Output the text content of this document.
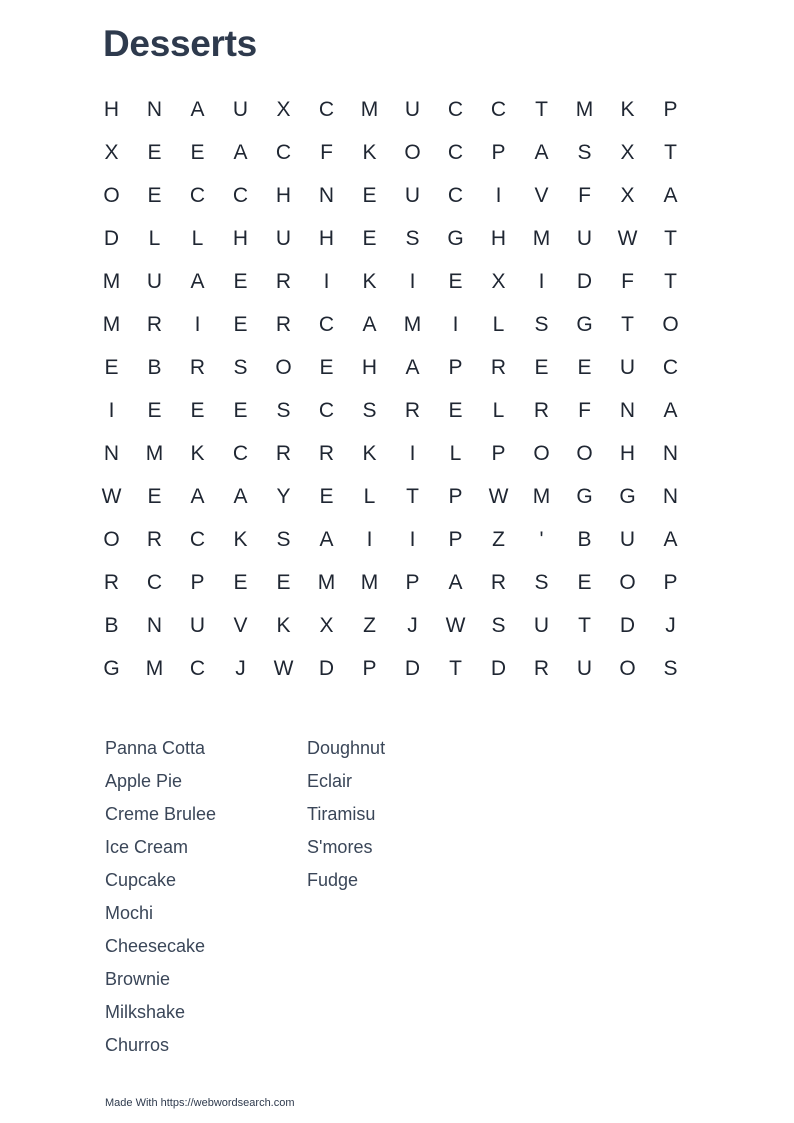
Desserts
H	N	A	U	X	C	M	U	C	C	T	M	K	P
X	E	E	A	C	F	K	O	C	P	A	S	X	T
O	E	C	C	H	N	E	U	C	I	V	F	X	A
D	L	L	H	U	H	E	S	G	H	M	U	W	T
M	U	A	E	R	I	K	I	E	X	I	D	F	T
M	R	I	E	R	C	A	M	I	L	S	G	T	O
E	B	R	S	O	E	H	A	P	R	E	E	U	C
I	E	E	E	S	C	S	R	E	L	R	F	N	A
N	M	K	C	R	R	K	I	L	P	O	O	H	N
W	E	A	A	Y	E	L	T	P	W	M	G	G	N
O	R	C	K	S	A	I	I	P	Z	'	B	U	A
R	C	P	E	E	M	M	P	A	R	S	E	O	P
B	N	U	V	K	X	Z	J	W	S	U	T	D	J
G	M	C	J	W	D	P	D	T	D	R	U	O	S
Panna Cotta
Apple Pie
Creme Brulee
Ice Cream
Cupcake
Mochi
Cheesecake
Brownie
Milkshake
Churros
Doughnut
Eclair
Tiramisu
S'mores
Fudge
Made With https://webwordsearch.com
